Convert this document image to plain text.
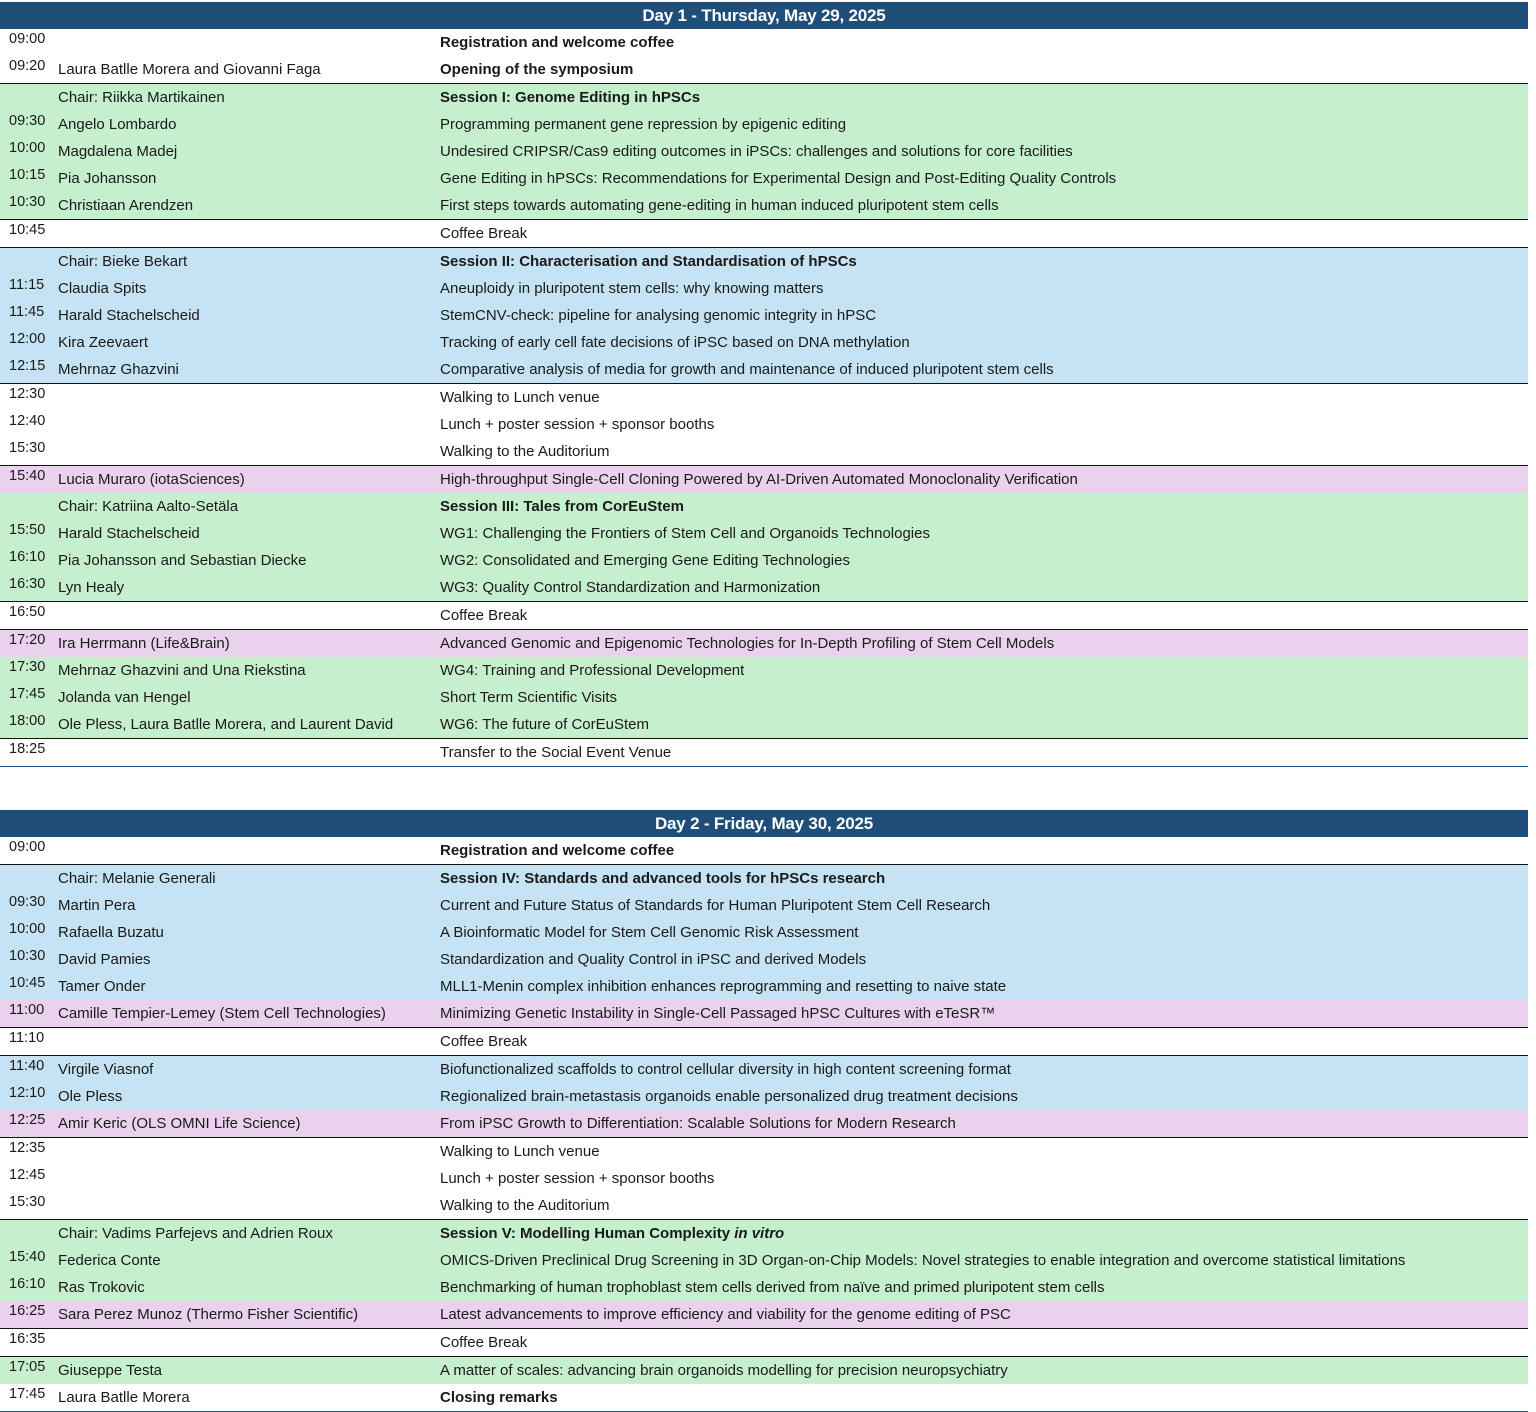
Day 1 - Thursday, May 29, 2025
09:00	Registration and welcome coffee
09:20 Laura Batlle Morera and Giovanni Faga	Opening of the symposium
Chair: Riikka Martikainen	Session I: Genome Editing in hPSCs
09:30 Angelo Lombardo	Programming permanent gene repression by epigenic editing
10:00 Magdalena Madej	Undesired CRIPSR/Cas9 editing outcomes in iPSCs: challenges and solutions for core facilities
10:15 Pia Johansson	Gene Editing in hPSCs: Recommendations for Experimental Design and Post-Editing Quality Controls
10:30 Christiaan Arendzen	First steps towards automating gene-editing in human induced pluripotent stem cells
10:45	Coffee Break
Chair: Bieke Bekart	Session II: Characterisation and Standardisation of hPSCs
11:15 Claudia Spits	Aneuploidy in pluripotent stem cells: why knowing matters
11:45 Harald Stachelscheid	StemCNV-check: pipeline for analysing genomic integrity in hPSC
12:00 Kira Zeevaert	Tracking of early cell fate decisions of iPSC based on DNA methylation
12:15 Mehrnaz Ghazvini	Comparative analysis of media for growth and maintenance of induced pluripotent stem cells
12:30	Walking to Lunch venue
12:40	Lunch + poster session + sponsor booths
15:30	Walking to the Auditorium
15:40 Lucia Muraro (iotaSciences)	High-throughput Single-Cell Cloning Powered by AI-Driven Automated Monoclonality Verification
Chair: Katriina Aalto-Setäla	Session III: Tales from CorEuStem
15:50 Harald Stachelscheid	WG1: Challenging the Frontiers of Stem Cell and Organoids Technologies
16:10 Pia Johansson and Sebastian Diecke	WG2: Consolidated and Emerging Gene Editing Technologies
16:30 Lyn Healy	WG3: Quality Control Standardization and Harmonization
16:50	Coffee Break
17:20 Ira Herrmann (Life&Brain)	Advanced Genomic and Epigenomic Technologies for In-Depth Profiling of Stem Cell Models
17:30 Mehrnaz Ghazvini and Una Riekstina	WG4: Training and Professional Development
17:45 Jolanda van Hengel	Short Term Scientific Visits
18:00 Ole Pless, Laura Batlle Morera, and Laurent David	WG6: The future of CorEuStem
18:25	Transfer to the Social Event Venue
Day 2 - Friday, May 30, 2025
09:00	Registration and welcome coffee
Chair: Melanie Generali	Session IV: Standards and advanced tools for hPSCs research
09:30 Martin Pera	Current and Future Status of Standards for Human Pluripotent Stem Cell Research
10:00 Rafaella Buzatu	A Bioinformatic Model for Stem Cell Genomic Risk Assessment
10:30 David Pamies	Standardization and Quality Control in iPSC and derived Models
10:45 Tamer Onder	MLL1-Menin complex inhibition enhances reprogramming and resetting to naive state
11:00 Camille Tempier-Lemey (Stem Cell Technologies)	Minimizing Genetic Instability in Single-Cell Passaged hPSC Cultures with eTeSR™
11:10	Coffee Break
11:40 Virgile Viasnof	Biofunctionalized scaffolds to control cellular diversity in high content screening format
12:10 Ole Pless	Regionalized brain-metastasis organoids enable personalized drug treatment decisions
12:25 Amir Keric (OLS OMNI Life Science)	From iPSC Growth to Differentiation: Scalable Solutions for Modern Research
12:35	Walking to Lunch venue
12:45	Lunch + poster session + sponsor booths
15:30	Walking to the Auditorium
Chair: Vadims Parfejevs and Adrien Roux	Session V: Modelling Human Complexity in vitro
15:40 Federica Conte	OMICS-Driven Preclinical Drug Screening in 3D Organ-on-Chip Models: Novel strategies to enable integration and overcome statistical limitations
16:10 Ras Trokovic	Benchmarking of human trophoblast stem cells derived from naïve and primed pluripotent stem cells
16:25 Sara Perez Munoz (Thermo Fisher Scientific)	Latest advancements to improve efficiency and viability for the genome editing of PSC
16:35	Coffee Break
17:05 Giuseppe Testa	A matter of scales: advancing brain organoids modelling for precision neuropsychiatry
17:45 Laura Batlle Morera	Closing remarks
